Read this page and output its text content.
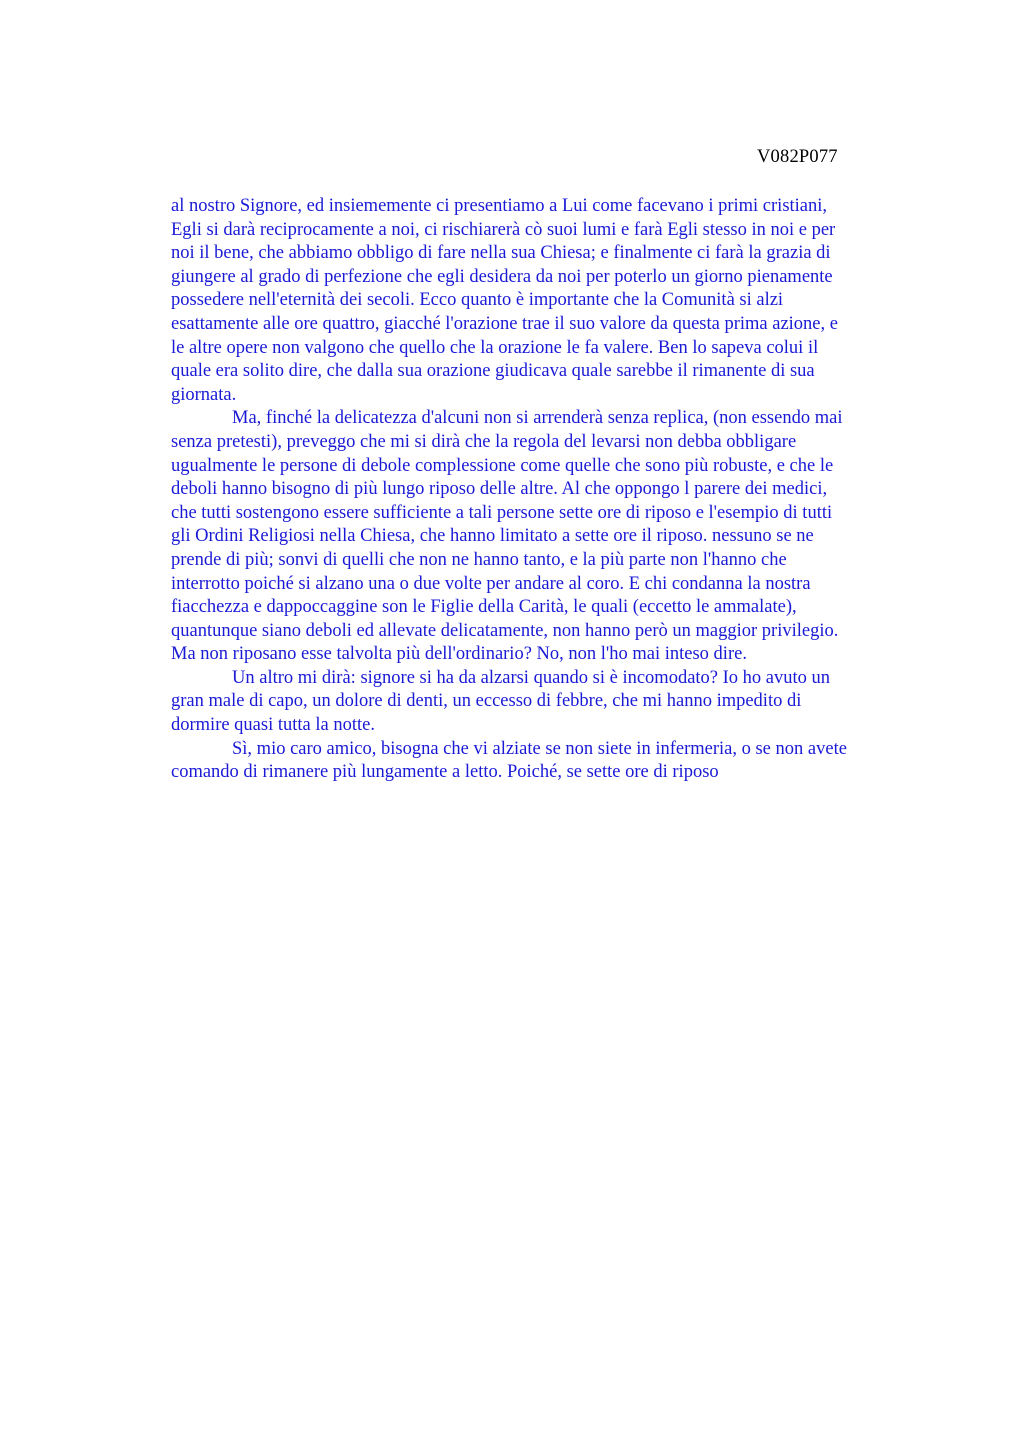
V082P077
al nostro Signore, ed insiememente ci presentiamo a Lui come facevano i primi cristiani,
Egli si darà reciprocamente a noi, ci rischiarerà cò suoi lumi e farà Egli stesso in noi e per
noi il bene, che abbiamo obbligo di fare nella sua Chiesa; e finalmente ci farà la grazia di
giungere al grado di perfezione che egli desidera da noi per poterlo un giorno pienamente
possedere nell'eternità dei secoli. Ecco quanto è importante che la Comunità si alzi
esattamente alle ore quattro, giacché l'orazione trae il suo valore da questa prima azione, e
le altre opere non valgono che quello che la orazione le fa valere. Ben lo sapeva colui il
quale era solito dire, che dalla sua orazione giudicava quale sarebbe il rimanente di sua
giornata.
Ma, finché la delicatezza d'alcuni non si arrenderà senza replica, (non essendo mai
senza pretesti), preveggo che mi si dirà che la regola del levarsi non debba obbligare
ugualmente le persone di debole complessione come quelle che sono più robuste, e che le
deboli hanno bisogno di più lungo riposo delle altre. Al che oppongo l parere dei medici,
che tutti sostengono essere sufficiente a tali persone sette ore di riposo e l'esempio di tutti
gli Ordini Religiosi nella Chiesa, che hanno limitato a sette ore il riposo. nessuno se ne
prende di più; sonvi di quelli che non ne hanno tanto, e la più parte non l'hanno che
interrotto poiché si alzano una o due volte per andare al coro. E chi condanna la nostra
fiacchezza e dappoccaggine son le Figlie della Carità, le quali (eccetto le ammalate),
quantunque siano deboli ed allevate delicatamente, non hanno però un maggior privilegio.
Ma non riposano esse talvolta più dell'ordinario? No, non l'ho mai inteso dire.
Un altro mi dirà: signore si ha da alzarsi quando si è incomodato? Io ho avuto un
gran male di capo, un dolore di denti, un eccesso di febbre, che mi hanno impedito di
dormire quasi tutta la notte.
Sì, mio caro amico, bisogna che vi alziate se non siete in infermeria, o se non avete
comando di rimanere più lungamente a letto. Poiché, se sette ore di riposo
